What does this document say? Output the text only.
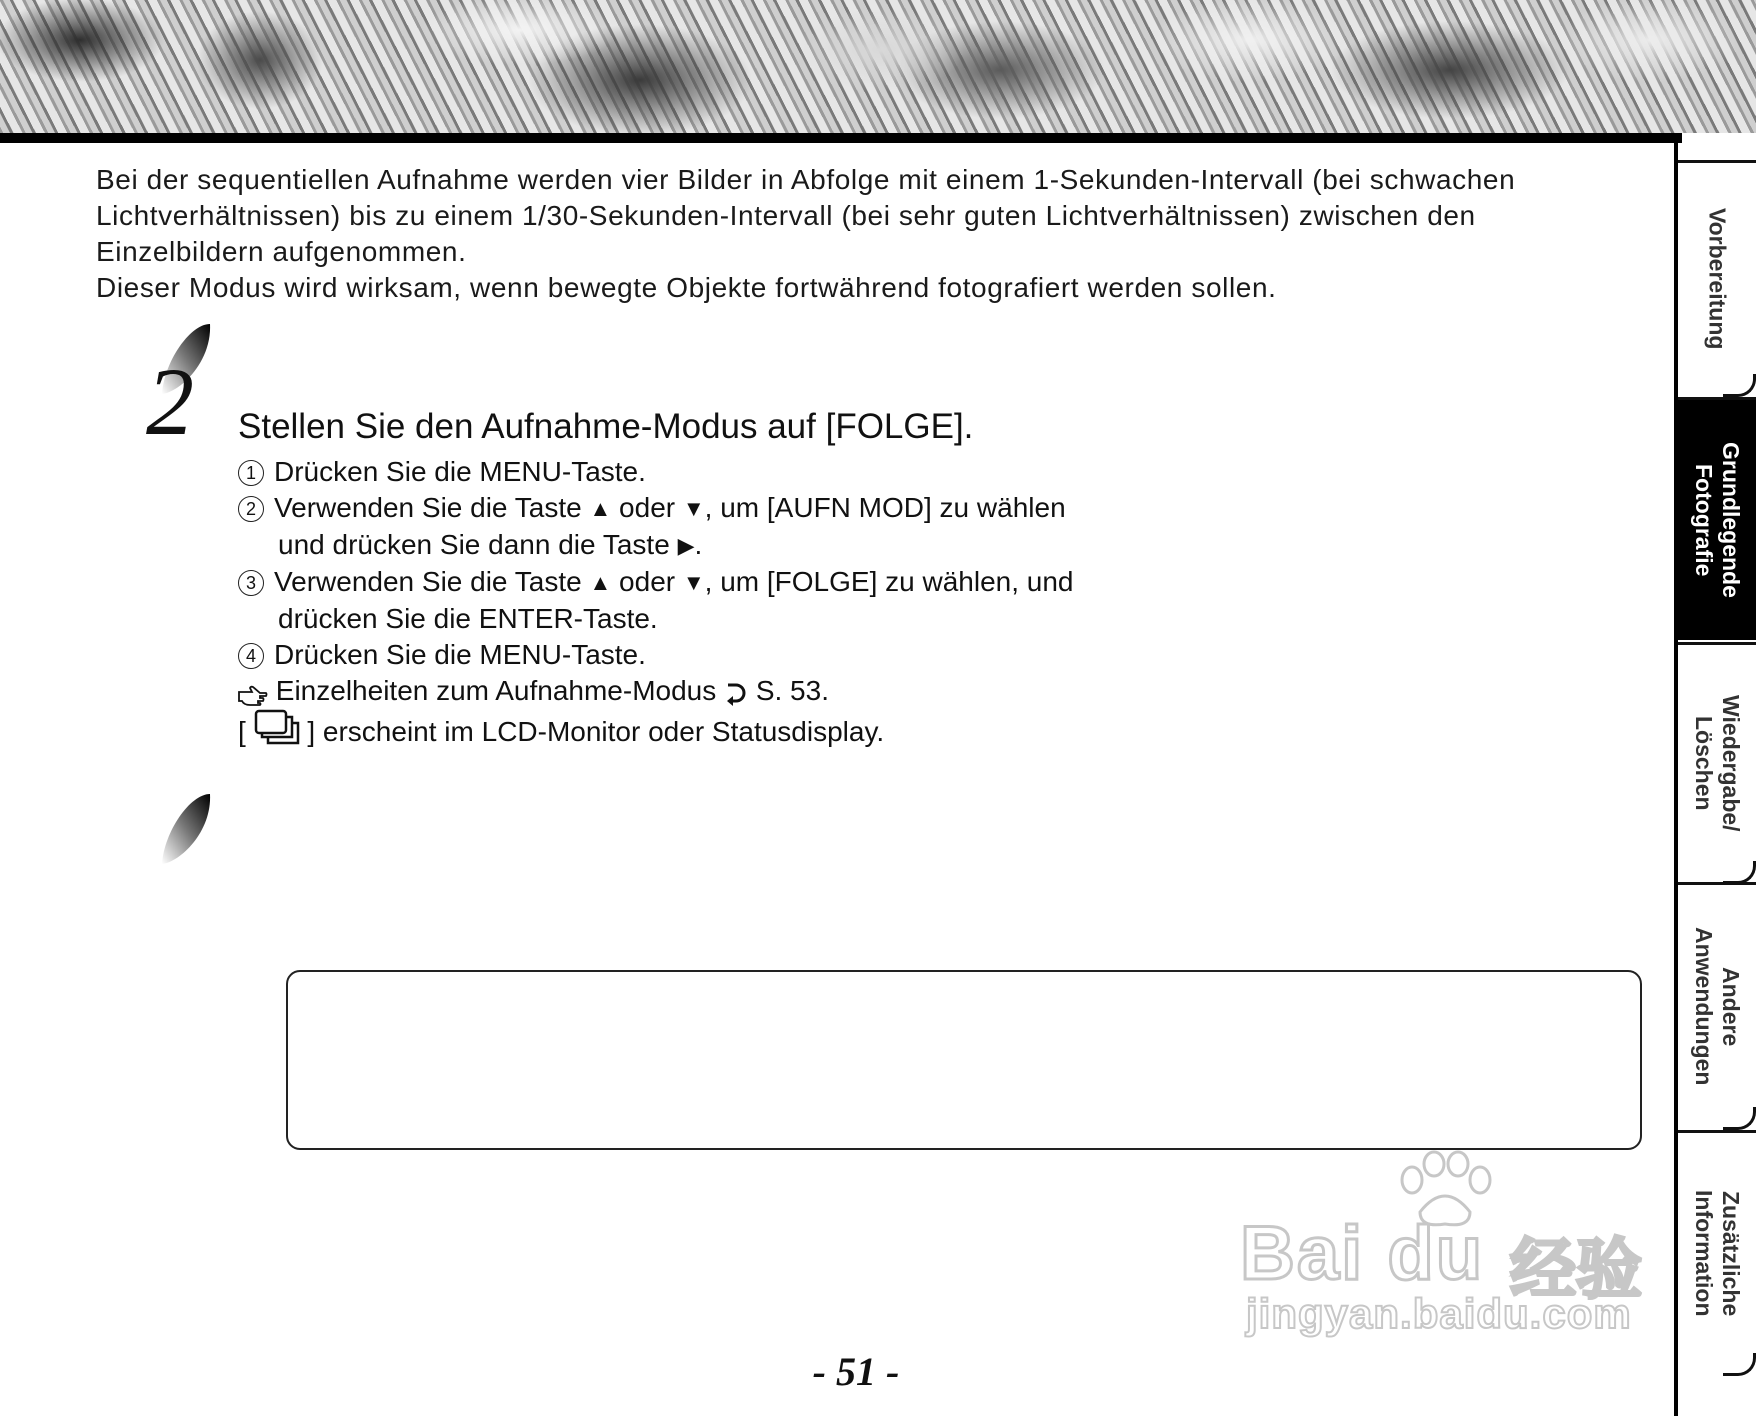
Bei der sequentiellen Aufnahme werden vier Bilder in Abfolge mit einem 1-Sekunden-Intervall (bei schwachen

Lichtverhältnissen) bis zu einem 1/30-Sekunden-Intervall (bei sehr guten Lichtverhältnissen) zwischen den

Einzelbildern aufgenommen.

Dieser Modus wird wirksam, wenn bewegte Objekte fortwährend fotografiert werden sollen.

2 Stellen Sie den Aufnahme-Modus auf [FOLGE].
1 Drücken Sie die MENU-Taste.
2 Verwenden Sie die Taste ▲ oder ▼, um [AUFN MOD] zu wählen
und drücken Sie dann die Taste ▶.
3 Verwenden Sie die Taste ▲ oder ▼, um [FOLGE] zu wählen, und
drücken Sie die ENTER-Taste.
4 Drücken Sie die MENU-Taste.
Einzelheiten zum Aufnahme-Modus S. 53.
[ ] erscheint im LCD-Monitor oder Statusdisplay.
- 51 -
Vorbereitung
Grundlegende Fotografie
Wiedergabe/ Löschen
Andere Anwendungen
Zusätzliche Information
Bai du 经验
jingyan.baidu.com
